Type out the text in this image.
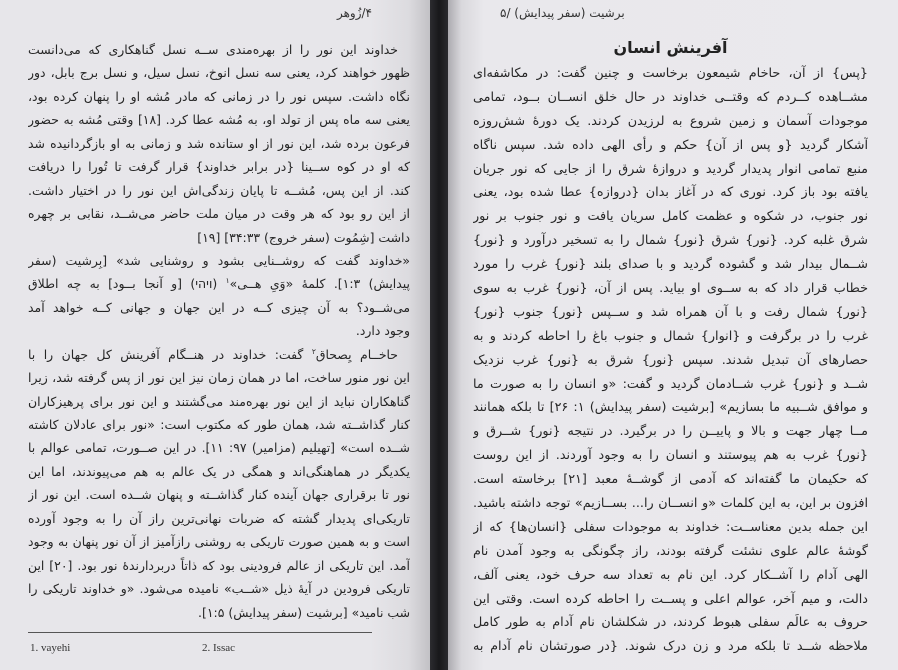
۴/زُوهر
خداوند این نور را از بهره‌مندی ســه نسل گناهکاری که می‌دانست
ظهور خواهند کرد، یعنی سه نسل انوخ، نسل سیل، و نسل برج بابل، دور
نگاه داشت. سپس نور را در زمانی که مادر مُشه او را پنهان کرده بود،
یعنی سه ماه پس از تولد او، به مُشه عطا کرد. [۱۸] وقتی مُشه به حضور
فرعون برده شد، این نور از او ستانده شد و زمانی به او بازگردانیده شد
که او در کوه ســینا {در برابر خداوند} قرار گرفت تا تُورا را دریافت
کند. از این پس، مُشــه تا پایان زندگی‌اش این نور را در اختیار داشت.
از این رو بود که هر وقت در میان ملت حاضر می‌شــد، نقابی بر چهره
داشت [شِمُوت (سفر خروج) ۳۴:۳۳] [۱۹]
«خداوند گفت که روشــنایی بشود و روشنایی شد» [بِرشیت (سفر
پیدایش) ۱:۳]. کلمهٔ «وَیِ هــی»$^۱$ (ויהי) [و آنجا بــود] به چه اطلاق
می‌شــود؟ به آن چیزی کــه در این جهان و جهانی کــه خواهد آمد
وجود دارد.
حاخــام یِصحاق$^۲$ گفت: خداوند در هنــگام آفرینش کل جهان را با
این نور منور ساخت، اما در همان زمان نیز این نور از پس گرفته شد، زیرا
گناهکاران نباید از این نور بهره‌مند می‌گشتند و این نور برای پرهیزکاران
کنار گذاشــته شد، همان طور که مکتوب است: «نور برای عادلان کاشته
شــده است» [تهیلیم (مزامیر) ۹۷: ۱۱]. در این صــورت، تمامی عوالم با
یکدیگر در هماهنگی‌اند و همگی در یک عالم به هم می‌پیوندند، اما این
نور تا برقراری جهان آینده کنار گذاشــته و پنهان شــده است. این نور از
تاریکی‌ای پدیدار گشته که ضربات نهانی‌ترین راز آن را به وجود آورده
است و به همین صورت تاریکی به روشنی رازآمیز از آن نور پنهان به وجود
آمد. این تاریکی از عالم فرودینی بود که ذاتاً دربردارندهٔ نور بود. [۲۰] این
تاریکی فرودین در آیهٔ ذیل «شــب» نامیده می‌شود. «و خداوند تاریکی را
شب نامید» [برشیت (سفر پیدایش) ۱:۵].
1. vayehi	2. Issac
برشیت (سفر پیدایش) /۵
آفرینش انسان
{پس} از آن، حاخام شیمعون برخاست و چنین گفت: در مکاشفه‌ای
مشــاهده کــردم که وقتــی خداوند در حال خلق انســان بــود، تمامی
موجودات آسمان و زمین شروع به لرزیدن کردند. یک دورهٔ شش‌روزه
آشکار گردید {و پس از آن} حکم و رأی الهی داده شد. سپس ناگاه
منبع تمامی انوار پدیدار گردید و دروازهٔ شرق را از جایی که نور جریان
یافته بود باز کرد. نوری که در آغاز بدان {دروازه} عطا شده بود، یعنی
نور جنوب، در شکوه و عظمت کامل سریان یافت و نور جنوب بر نور
شرق غلبه کرد. {نور} شرق {نور} شمال را به تسخیر درآورد و {نور}
شــمال بیدار شد و گشوده گردید و با صدای بلند {نور} غرب را مورد
خطاب قرار داد که به ســوی او بیاید. پس از آن، {نور} غرب به سوی
{نور} شمال رفت و با آن همراه شد و ســپس {نور} جنوب {نور}
غرب را در برگرفت و {انوار} شمال و جنوب باغ را احاطه کردند و به
حصارهای آن تبدیل شدند. سپس {نور} شرق به {نور} غرب نزدیک
شــد و {نور} غرب شــادمان گردید و گفت: «و انسان را به صورت ما
و موافق شــبیه ما بسازیم» [برشیت (سفر پیدایش) ۱: ۲۶] تا بلکه همانند
مــا چهار جهت و بالا و پاییــن را در برگیرد. در نتیجه {نور} شــرق و
{نور} غرب به هم پیوستند و انسان را به وجود آوردند. از این روست
که حکیمان ما گفته‌اند که آدمی از گوشــهٔ معبد [۲۱] برخاسته است.
افزون بر این، به این کلمات «و انســان را... بســازیم» توجه داشته باشید.
این جمله بدین معناســت: خداوند به موجودات سفلی {انسان‌ها} که از
گوشهٔ عالم علوی نشئت گرفته بودند، راز چگونگی به وجود آمدن نام
الهی آدام را آشــکار کرد. این نام به تعداد سه حرف خود، یعنی آلف،
دالت، و میم آخر، عوالم اعلی و پســت را احاطه کرده است. وقتی این
حروف به عالَم سفلی هبوط کردند، در شکلشان نام آدام به طور کامل
ملاحظه شــد تا بلکه مرد و زن درک شوند. {در صورتشان نام آدام به
